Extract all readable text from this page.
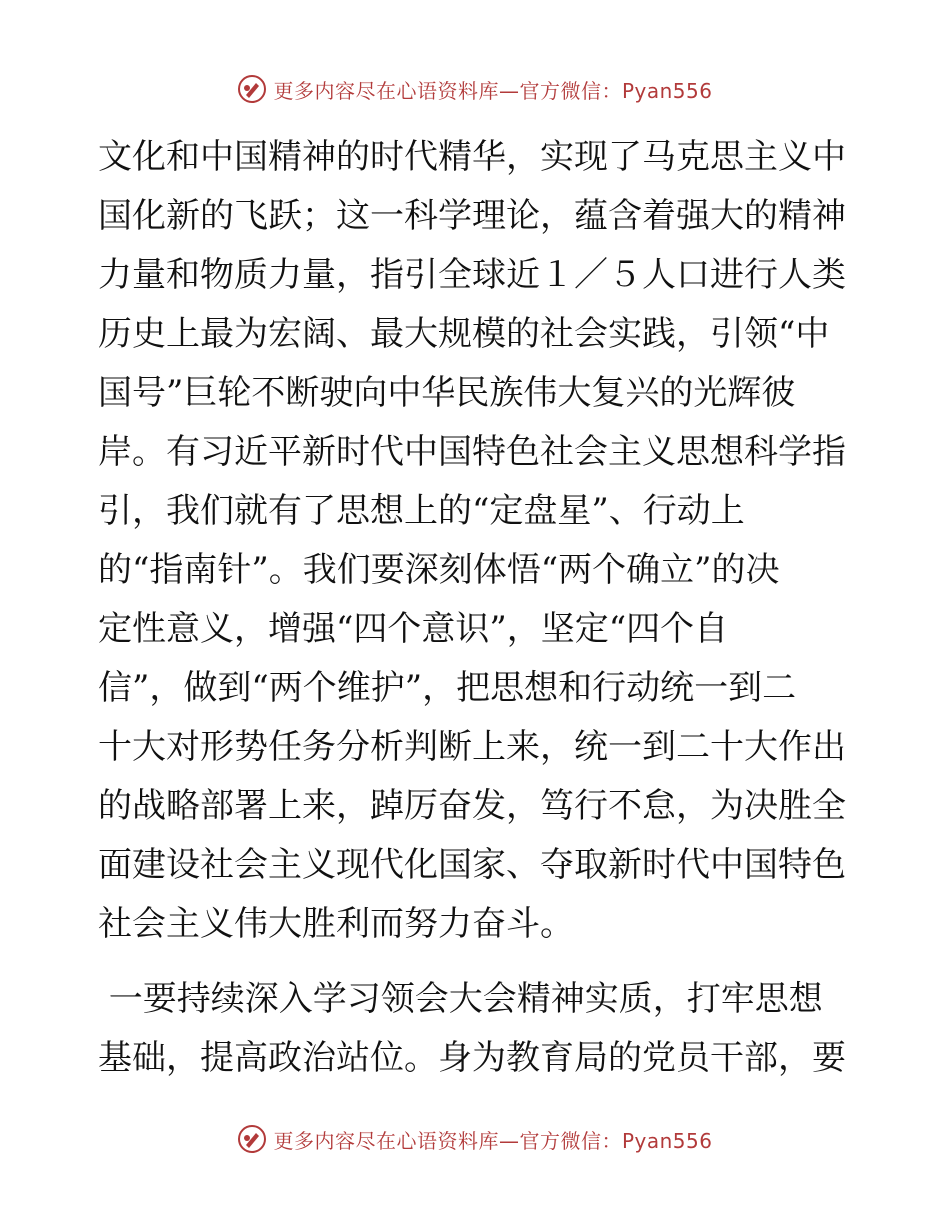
更多内容尽在心语资料库—官方微信：Pyan556
文化和中国精神的时代精华，实现了马克思主义中
国化新的飞跃；这一科学理论，蕴含着强大的精神
力量和物质力量，指引全球近１／５人口进行人类
历史上最为宏阔、最大规模的社会实践，引领“中
国号”巨轮不断驶向中华民族伟大复兴的光辉彼
岸。有习近平新时代中国特色社会主义思想科学指
引，我们就有了思想上的“定盘星”、行动上
的“指南针”。我们要深刻体悟“两个确立”的决
定性意义，增强“四个意识”，坚定“四个自
信”，做到“两个维护”，把思想和行动统一到二
十大对形势任务分析判断上来，统一到二十大作出
的战略部署上来，踔厉奋发，笃行不怠，为决胜全
面建设社会主义现代化国家、夺取新时代中国特色
社会主义伟大胜利而努力奋斗。
一要持续深入学习领会大会精神实质，打牢思想
基础，提高政治站位。身为教育局的党员干部，要
更多内容尽在心语资料库—官方微信：Pyan556
